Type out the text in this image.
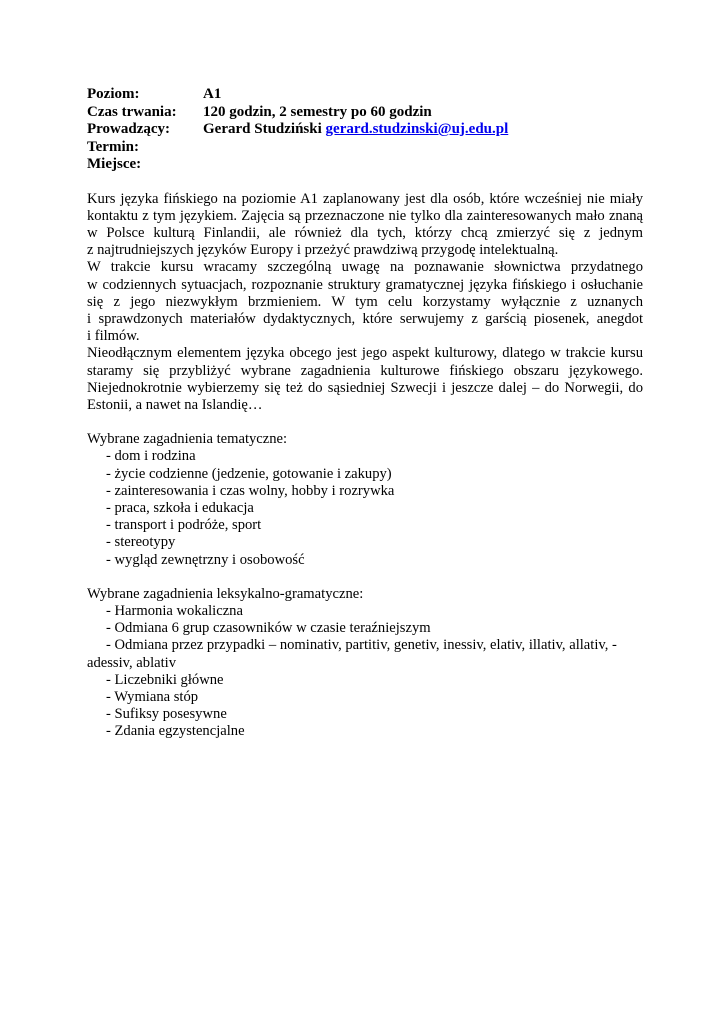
Poziom:	A1
Czas trwania:	120 godzin, 2 semestry po 60 godzin
Prowadzący:	Gerard Studziński gerard.studzinski@uj.edu.pl
Termin:
Miejsce:
Kurs języka fińskiego na poziomie A1 zaplanowany jest dla osób, które wcześniej nie miały
kontaktu z tym językiem. Zajęcia są przeznaczone nie tylko dla zainteresowanych mało znaną
w Polsce kulturą Finlandii, ale również dla tych, którzy chcą zmierzyć się z jednym
z najtrudniejszych języków Europy i przeżyć prawdziwą przygodę intelektualną.
W trakcie kursu wracamy szczególną uwagę na poznawanie słownictwa przydatnego
w codziennych sytuacjach, rozpoznanie struktury gramatycznej języka fińskiego i osłuchanie
się z jego niezwykłym brzmieniem. W tym celu korzystamy wyłącznie z uznanych
i sprawdzonych materiałów dydaktycznych, które serwujemy z garścią piosenek, anegdot
i filmów.
Nieodłącznym elementem języka obcego jest jego aspekt kulturowy, dlatego w trakcie kursu
staramy się przybliżyć wybrane zagadnienia kulturowe fińskiego obszaru językowego.
Niejednokrotnie wybierzemy się też do sąsiedniej Szwecji i jeszcze dalej – do Norwegii, do
Estonii, a nawet na Islandię…
Wybrane zagadnienia tematyczne:
- dom i rodzina
- życie codzienne (jedzenie, gotowanie i zakupy)
- zainteresowania i czas wolny, hobby i rozrywka
- praca, szkoła i edukacja
- transport i podróże, sport
- stereotypy
- wygląd zewnętrzny i osobowość
Wybrane zagadnienia leksykalno-gramatyczne:
- Harmonia wokaliczna
- Odmiana 6 grup czasowników w czasie teraźniejszym
- Odmiana przez przypadki – nominativ, partitiv, genetiv, inessiv, elativ, illativ, allativ, -
adessiv, ablativ
- Liczebniki główne
- Wymiana stóp
- Sufiksy posesywne
- Zdania egzystencjalne
